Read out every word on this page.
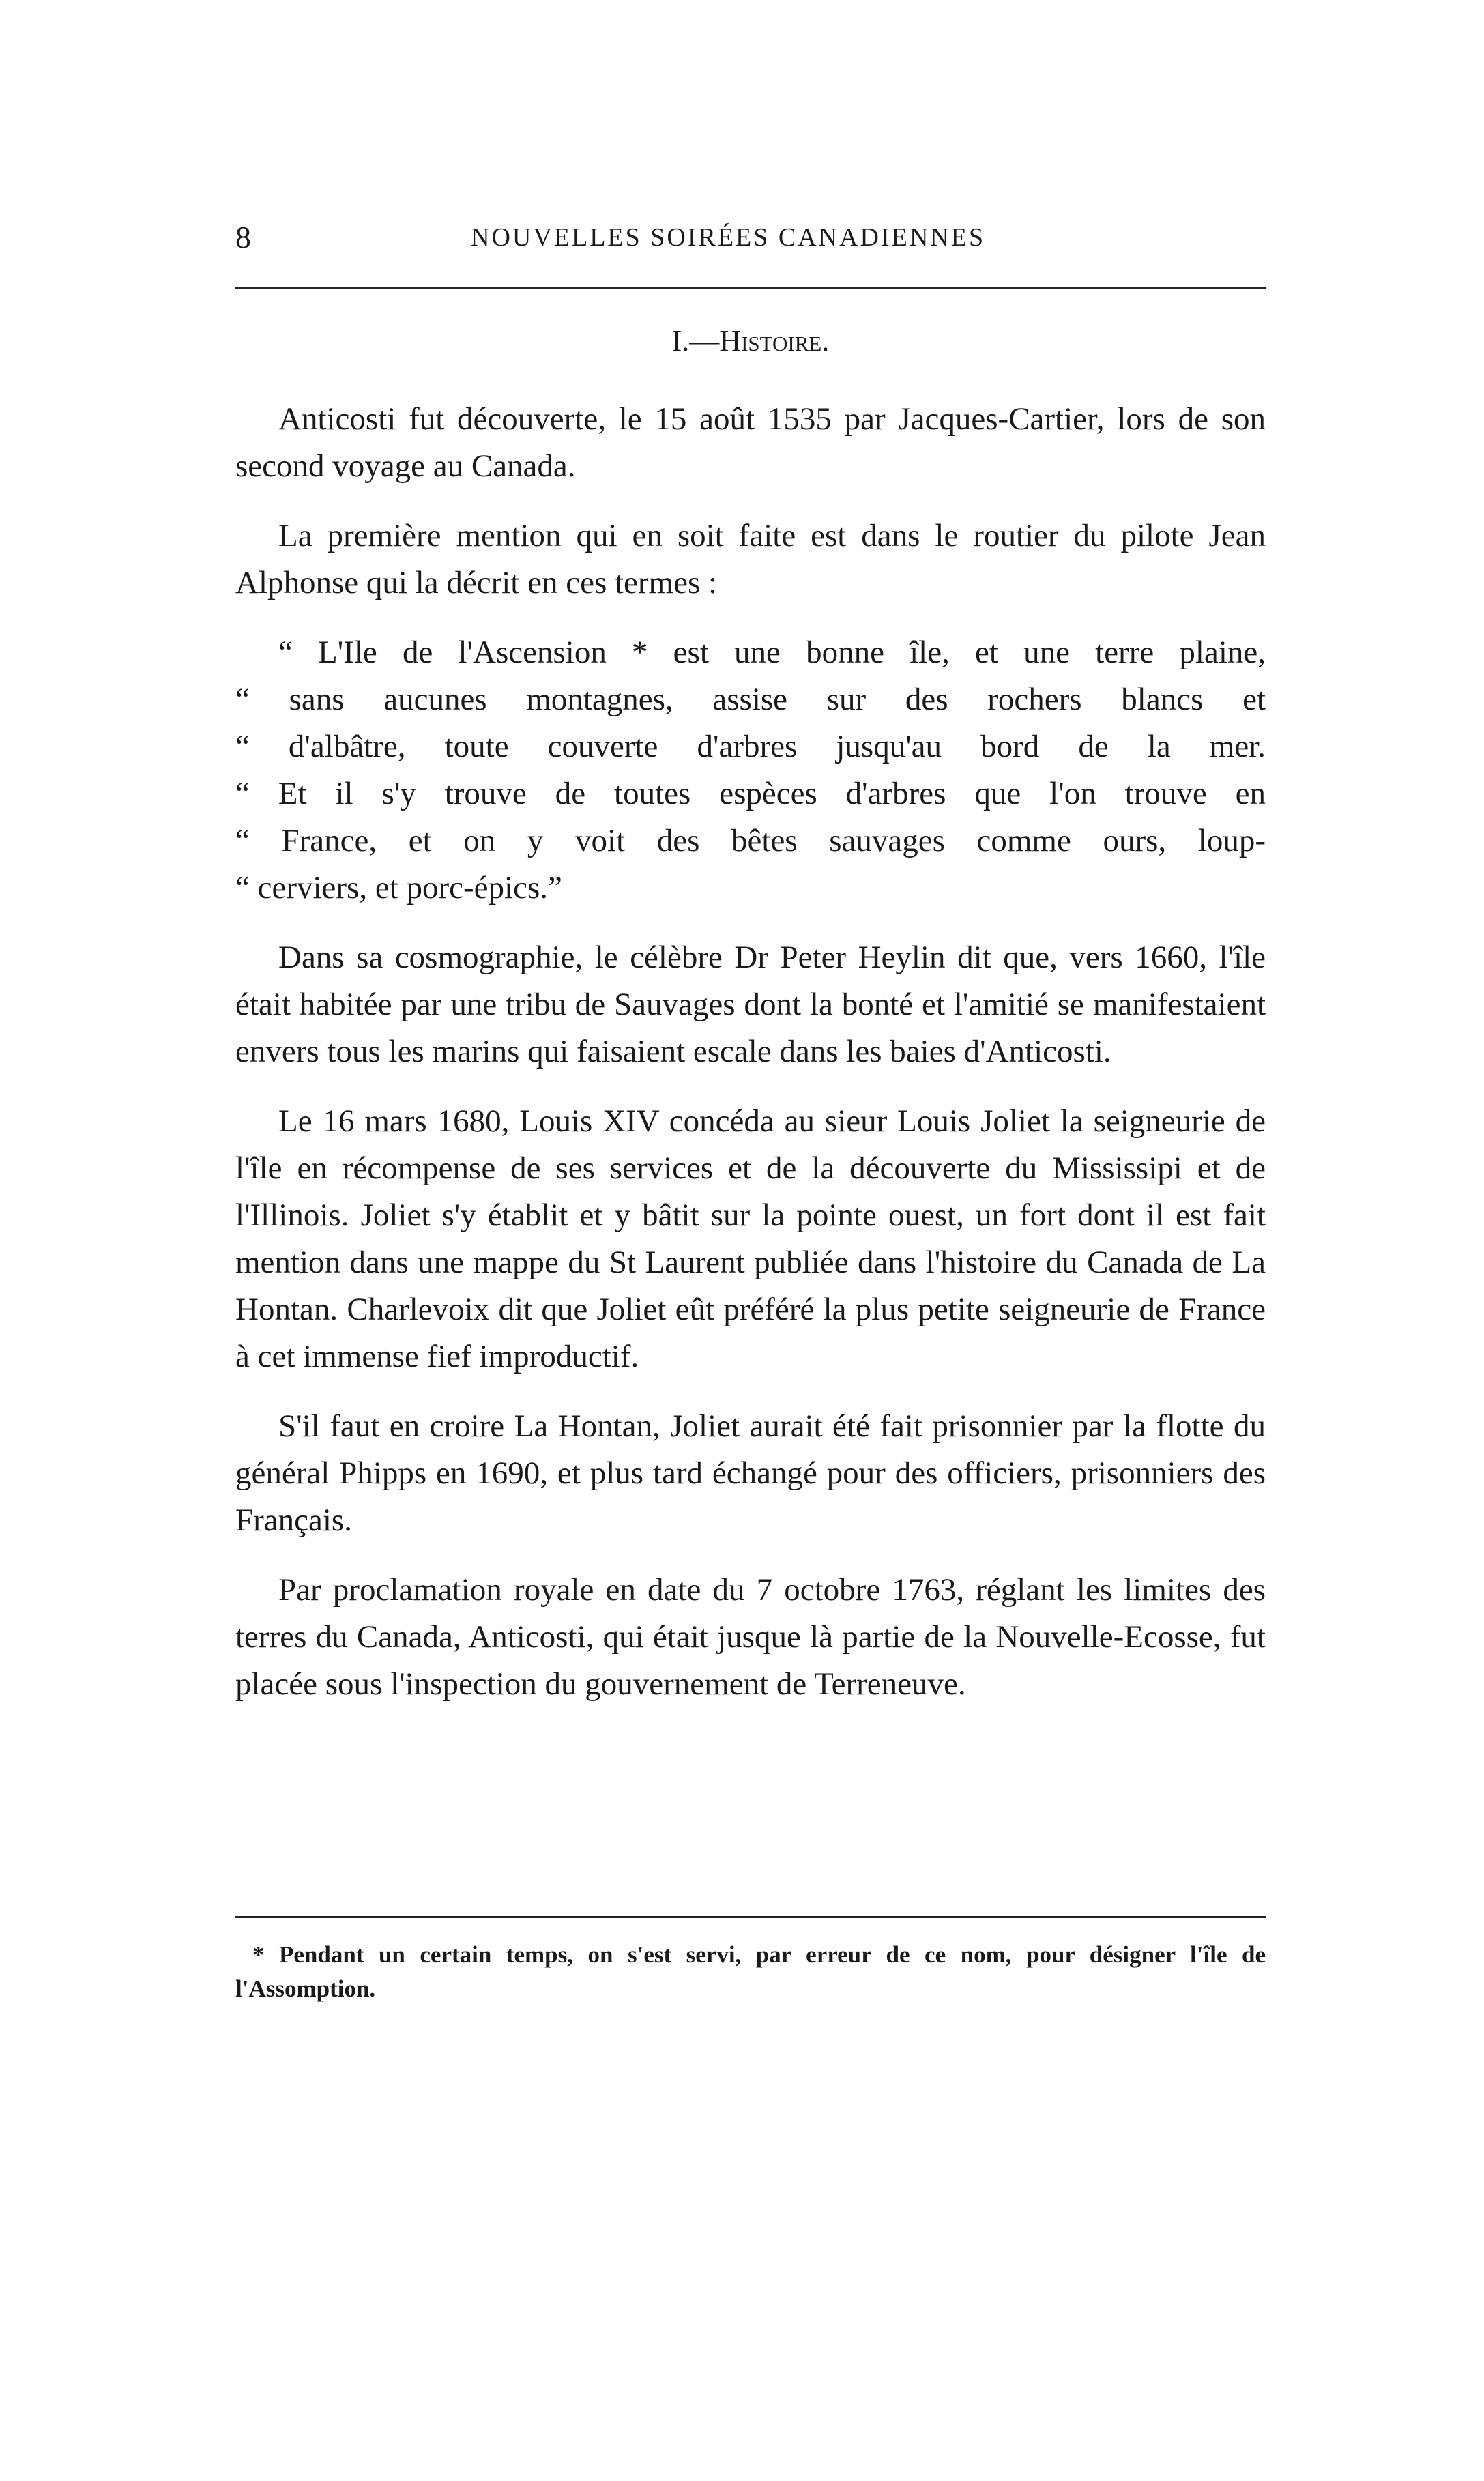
8	NOUVELLES SOIRÉES CANADIENNES
I.—Histoire.

Anticosti fut découverte, le 15 août 1535 par Jacques-Cartier, lors de son second voyage au Canada.

La première mention qui en soit faite est dans le routier du pilote Jean Alphonse qui la décrit en ces termes :

“ L'Ile de l'Ascension * est une bonne île, et une terre plaine,
“ sans aucunes montagnes, assise sur des rochers blancs et
“ d'albâtre, toute couverte d'arbres jusqu'au bord de la mer.
“ Et il s'y trouve de toutes espèces d'arbres que l'on trouve en
“ France, et on y voit des bêtes sauvages comme ours, loup-
“ cerviers, et porc-épics.”

Dans sa cosmographie, le célèbre Dr Peter Heylin dit que, vers 1660, l'île était habitée par une tribu de Sauvages dont la bonté et l'amitié se manifestaient envers tous les marins qui faisaient escale dans les baies d'Anticosti.

Le 16 mars 1680, Louis XIV concéda au sieur Louis Joliet la seigneurie de l'île en récompense de ses services et de la découverte du Mississipi et de l'Illinois. Joliet s'y établit et y bâtit sur la pointe ouest, un fort dont il est fait mention dans une mappe du St Laurent publiée dans l'histoire du Canada de La Hontan. Charlevoix dit que Joliet eût préféré la plus petite seigneurie de France à cet immense fief improductif.

S'il faut en croire La Hontan, Joliet aurait été fait prisonnier par la flotte du général Phipps en 1690, et plus tard échangé pour des officiers, prisonniers des Français.

Par proclamation royale en date du 7 octobre 1763, réglant les limites des terres du Canada, Anticosti, qui était jusque là partie de la Nouvelle-Ecosse, fut placée sous l'inspection du gouvernement de Terreneuve.

* Pendant un certain temps, on s'est servi, par erreur de ce nom, pour désigner l'île de l'Assomption.
